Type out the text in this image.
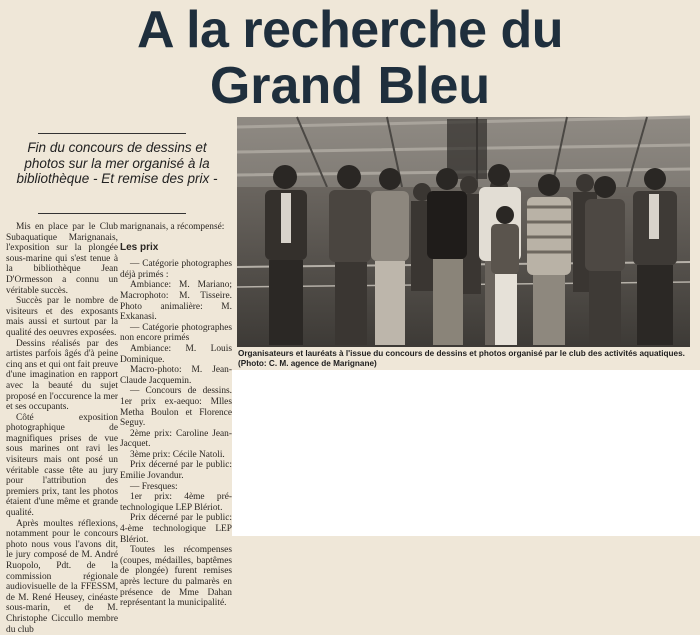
A la recherche du
Grand Bleu
Fin du concours de dessins et photos sur la mer organisé à la bibliothèque - Et remise des prix -

Mis en place par le Club Subaquatique Marignanais, l'exposition sur la plongée sous-marine qui s'est tenue à la bibliothèque Jean D'Ormesson a connu un véritable succès.

Succès par le nombre de visiteurs et des exposants mais aussi et surtout par la qualité des oeuvres exposées.

Dessins réalisés par des artistes parfois âgés d'à peine cinq ans et qui ont fait preuve d'une imagination en rapport avec la beauté du sujet proposé en l'occurence la mer et ses occupants.

Côté exposition photographique de magnifiques prises de vue sous marines ont ravi les visiteurs mais ont posé un véritable casse tête au jury pour l'attribution des premiers prix, tant les photos étaient d'une même et grande qualité.

Après moultes réflexions, notamment pour le concours photo nous vous l'avons dit, le jury composé de M. André Ruopolo, Pdt. de la commission régionale audiovisuelle de la FFESSM, de M. René Heusey, cinéaste sous-marin, et de M. Christophe Ciccullo membre du club

marignanais, a récompensé:

Les prix

— Catégorie photographes déjà primés :

Ambiance: M. Mariano; Macrophoto: M. Tisseire. Photo animalière: M. Exkanasi.

— Catégorie photographes non encore primés

Ambiance: M. Louis Dominique.

Macro-photo: M. Jean-Claude Jacquemin.

— Concours de dessins. 1er prix ex-aequo: Mlles Metha Boulon et Florence Seguy.

2ème prix: Caroline Jean-Jacquet.

3ème prix: Cécile Natoli.

Prix décerné par le public: Emilie Jovandur.

— Fresques:

1er prix: 4ème pré-technologique LEP Blériot.

Prix décerné par le public: 4-ème technologique LEP Blériot.

Toutes les récompenses (coupes, médailles, baptêmes de plongée) furent remises après lecture du palmarès en présence de Mme Dahan représentant la municipalité.

Organisateurs et lauréats à l'issue du concours de dessins et photos organisé par le club des activités aquatiques. (Photo: C. M. agence de Marignane)
